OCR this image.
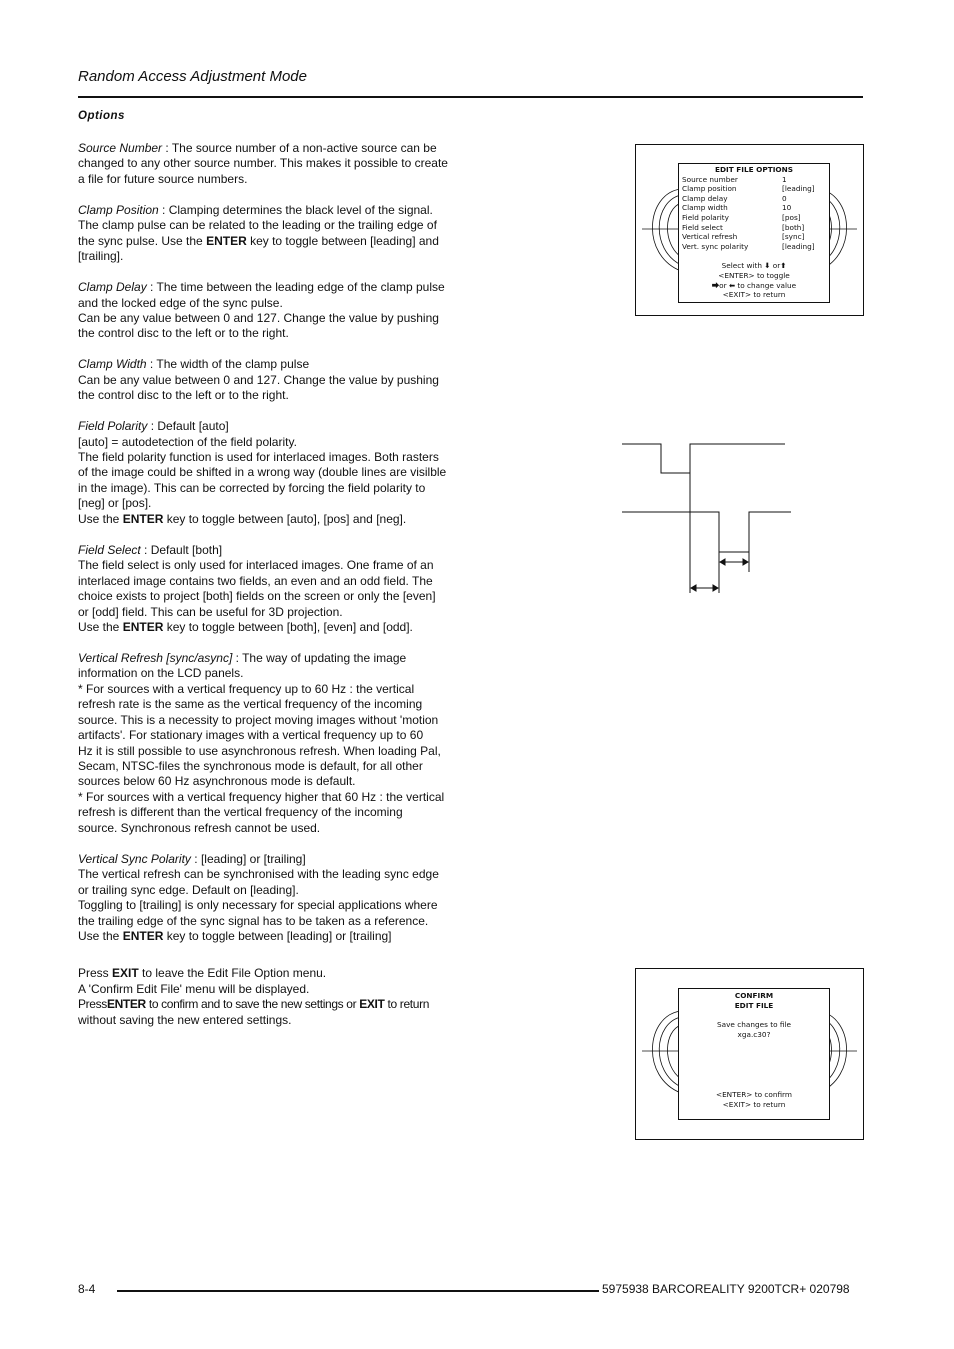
Random Access Adjustment Mode
Options

Source Number : The source number of a non-active source can be
changed to any other source number. This makes it possible to create
a file for future source numbers.

Clamp Position : Clamping determines the black level of the signal.
The clamp pulse can be related to the leading or the trailing edge of
the sync pulse. Use the ENTER key to toggle between [leading] and
[trailing].

Clamp Delay : The time between the leading edge of the clamp pulse
and the locked edge of the sync pulse.
Can be any value between 0 and 127. Change the value by pushing
the control disc to the left or to the right.

Clamp Width : The width of the clamp pulse
Can be any value between 0 and 127. Change the value by pushing
the control disc to the left or to the right.

Field Polarity : Default [auto]
[auto] = autodetection of the field polarity.
The field polarity function is used for interlaced images. Both rasters
of the image could be shifted in a wrong way (double lines are visilble
in the image). This can be corrected by forcing the field polarity to
[neg] or [pos].
Use the ENTER key to toggle between [auto], [pos] and [neg].

Field Select : Default [both]
The field select is only used for interlaced images. One frame of an
interlaced image contains two fields, an even and an odd field. The
choice exists to project [both] fields on the screen or only the [even]
or [odd] field. This can be useful for 3D projection.
Use the ENTER key to toggle between [both], [even] and [odd].

Vertical Refresh [sync/async] : The way of updating the image
information on the LCD panels.
* For sources with a vertical frequency up to 60 Hz : the vertical
refresh rate is the same as the vertical frequency of the incoming
source. This is a necessity to project moving images without 'motion
artifacts'. For stationary images with a vertical frequency up to 60
Hz it is still possible to use asynchronous refresh. When loading Pal,
Secam, NTSC-files the synchronous mode is default, for all other
sources below 60 Hz asynchronous mode is default.
* For sources with a vertical frequency higher that 60 Hz : the vertical
refresh is different than the vertical frequency of the incoming
source. Synchronous refresh cannot be used.

Vertical Sync Polarity : [leading] or [trailing]
The vertical refresh can be synchronised with the leading sync edge
or trailing sync edge. Default on [leading].
Toggling to [trailing] is only necessary for special applications where
the trailing edge of the sync signal has to be taken as a reference.
Use the ENTER key to toggle between [leading] or [trailing]

Press EXIT to leave the Edit File Option menu.
A 'Confirm Edit File' menu will be displayed.
PressENTER to confirm and to save the new settings or EXIT to return
without saving the new entered settings.

EDIT FILE OPTIONS
Source number	1
Clamp position	[leading]
Clamp delay	0
Clamp width	10
Field polarity	[pos]
Field select	[both]
Vertical refresh	[sync]
Vert. sync polarity	[leading]
Select with ⬇ or⬆
<ENTER> to toggle
⮕or ⬅ to change value
<EXIT> to return
CONFIRM
EDIT FILE
Save changes to file
xga.c30?
<ENTER> to confirm
<EXIT> to return
8-4	5975938 BARCOREALITY 9200TCR+ 020798
